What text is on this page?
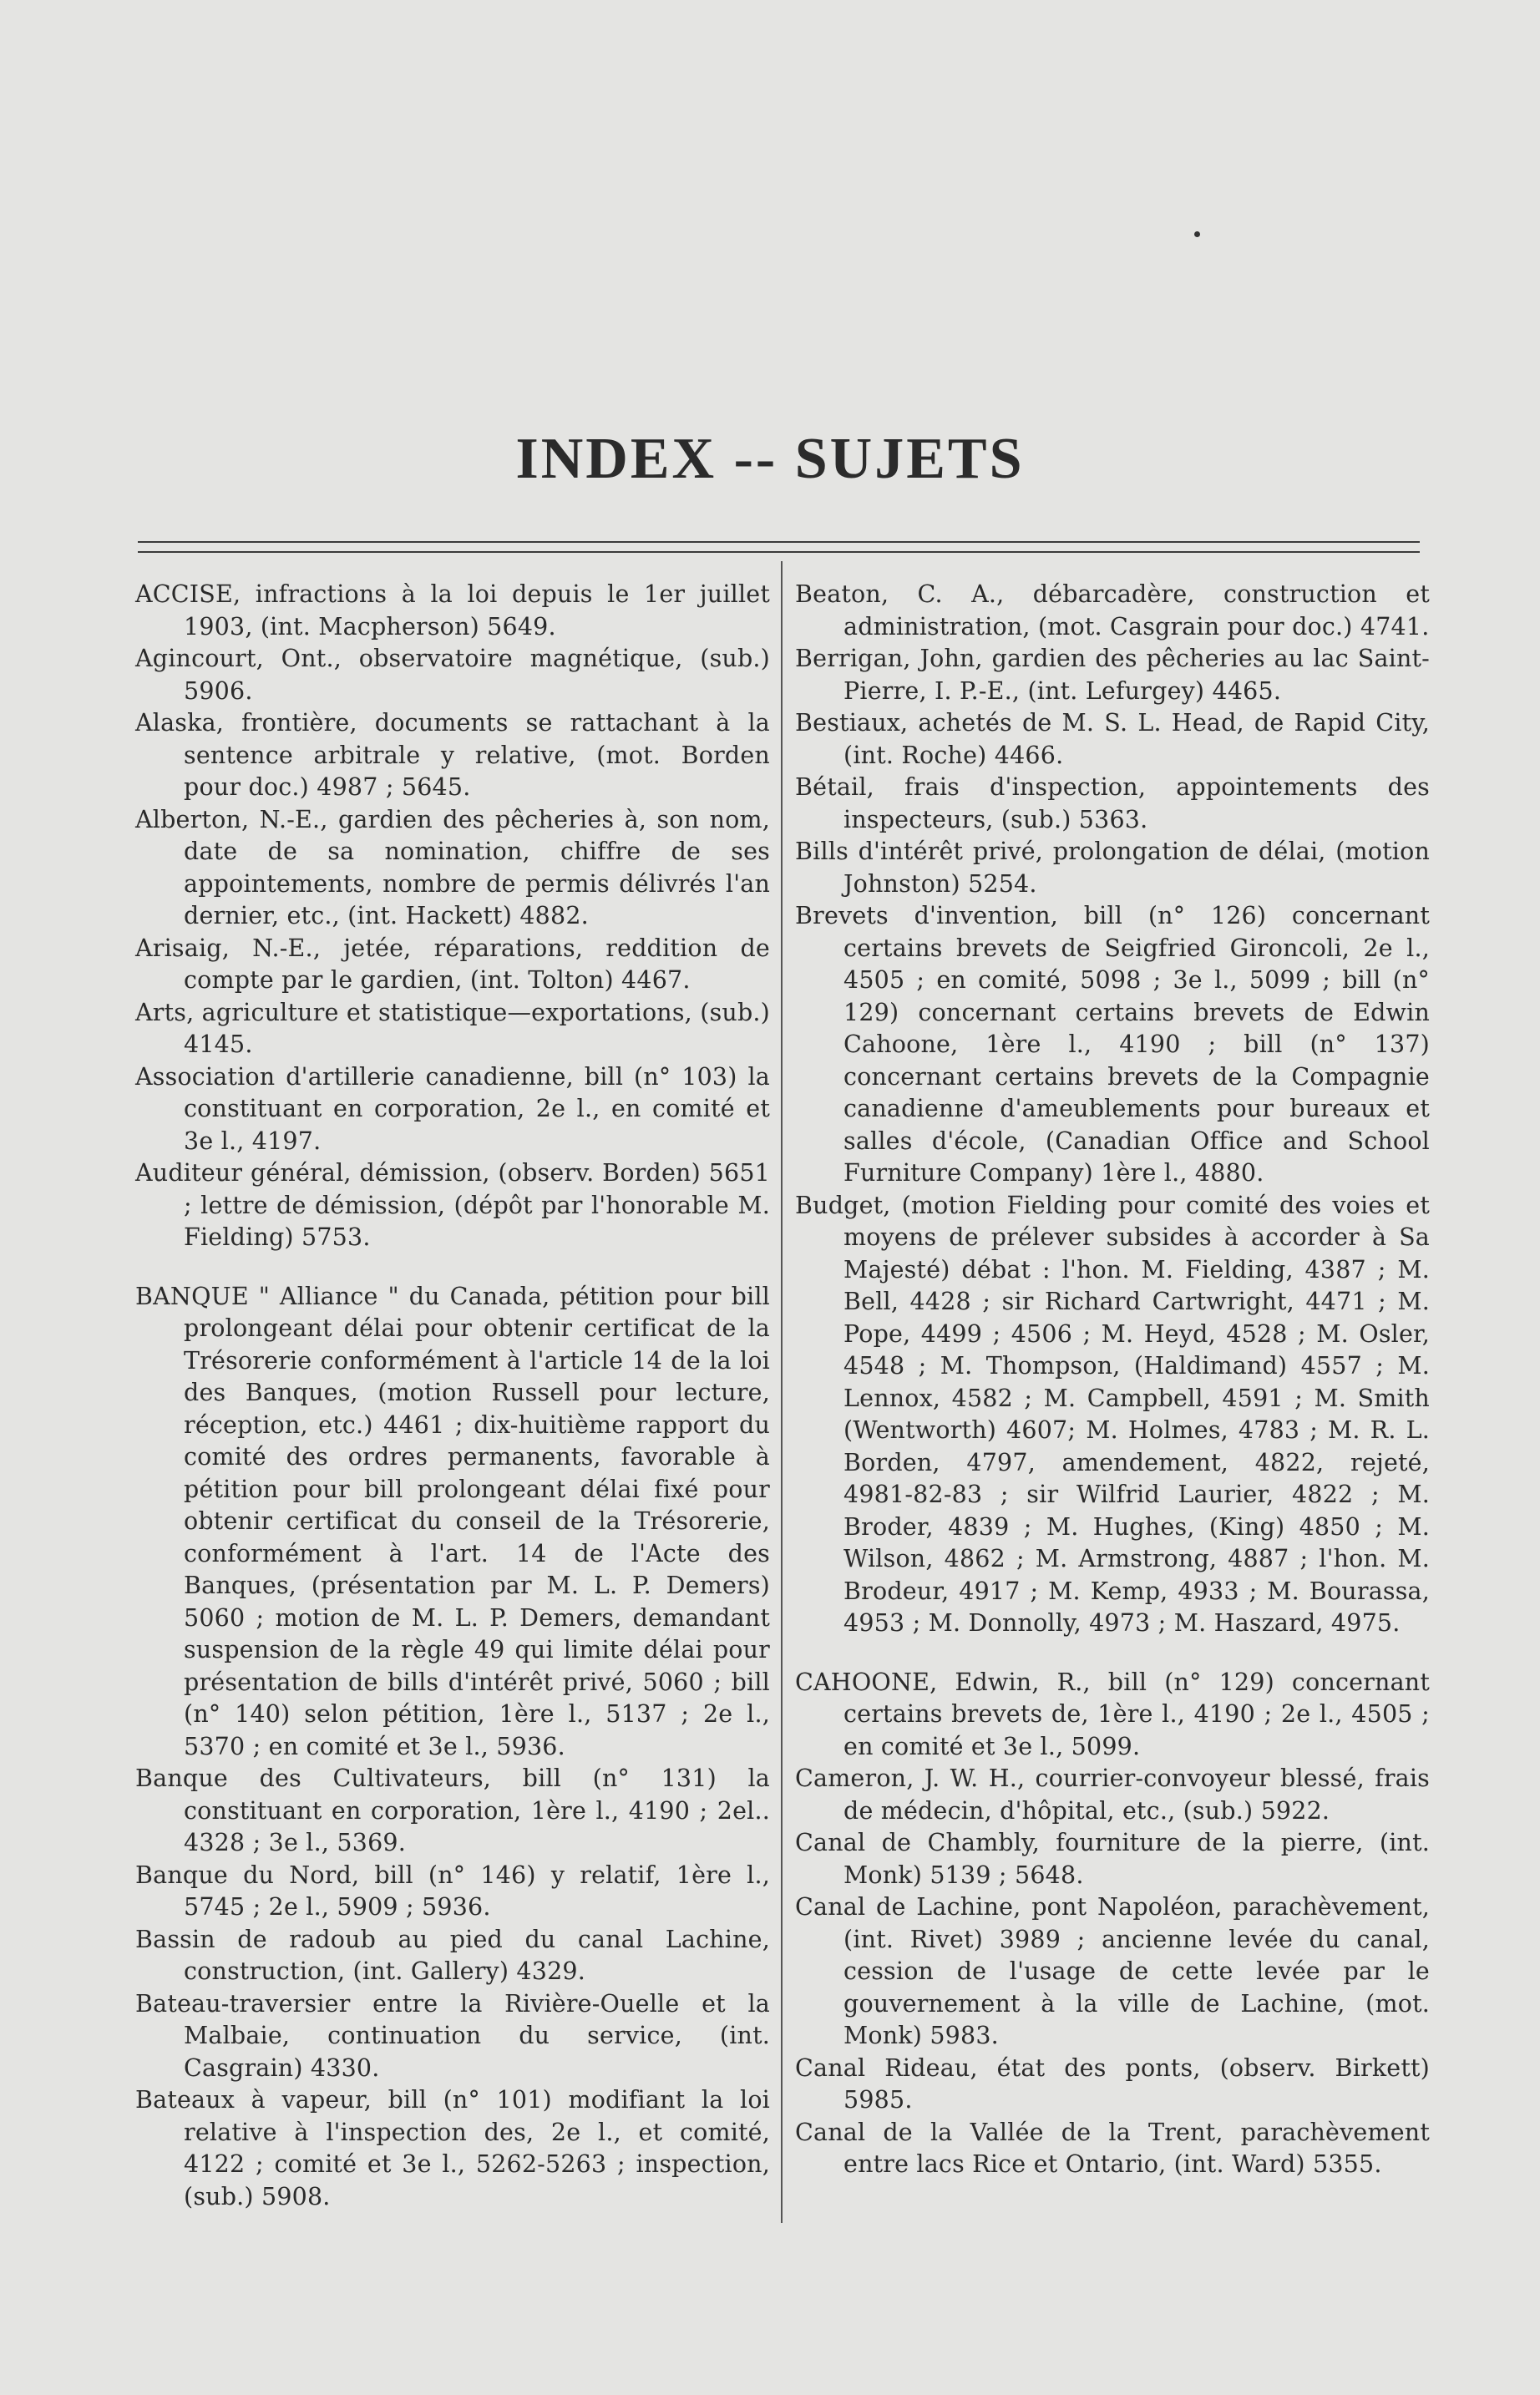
INDEX -- SUJETS

ACCISE, infractions à la loi depuis le 1er juillet 1903, (int. Macpherson) 5649.

Agincourt, Ont., observatoire magnétique, (sub.) 5906.

Alaska, frontière, documents se rattachant à la sentence arbitrale y relative, (mot. Borden pour doc.) 4987 ; 5645.

Alberton, N.-E., gardien des pêcheries à, son nom, date de sa nomination, chiffre de ses appointements, nombre de permis délivrés l'an dernier, etc., (int. Hackett) 4882.

Arisaig, N.-E., jetée, réparations, reddition de compte par le gardien, (int. Tolton) 4467.

Arts, agriculture et statistique—exportations, (sub.) 4145.

Association d'artillerie canadienne, bill (n° 103) la constituant en corporation, 2e l., en comité et 3e l., 4197.

Auditeur général, démission, (observ. Borden) 5651 ; lettre de démission, (dépôt par l'honorable M. Fielding) 5753.

BANQUE " Alliance " du Canada, pétition pour bill prolongeant délai pour obtenir certificat de la Trésorerie conformément à l'article 14 de la loi des Banques, (motion Russell pour lecture, réception, etc.) 4461 ; dix-huitième rapport du comité des ordres permanents, favorable à pétition pour bill prolongeant délai fixé pour obtenir certificat du conseil de la Trésorerie, conformément à l'art. 14 de l'Acte des Banques, (présentation par M. L. P. Demers) 5060 ; motion de M. L. P. Demers, demandant suspension de la règle 49 qui limite délai pour présentation de bills d'intérêt privé, 5060 ; bill (n° 140) selon pétition, 1ère l., 5137 ; 2e l., 5370 ; en comité et 3e l., 5936.

Banque des Cultivateurs, bill (n° 131) la constituant en corporation, 1ère l., 4190 ; 2el.. 4328 ; 3e l., 5369.

Banque du Nord, bill (n° 146) y relatif, 1ère l., 5745 ; 2e l., 5909 ; 5936.

Bassin de radoub au pied du canal Lachine, construction, (int. Gallery) 4329.

Bateau-traversier entre la Rivière-Ouelle et la Malbaie, continuation du service, (int. Casgrain) 4330.

Bateaux à vapeur, bill (n° 101) modifiant la loi relative à l'inspection des, 2e l., et comité, 4122 ; comité et 3e l., 5262-5263 ; inspection, (sub.) 5908.

Beaton, C. A., débarcadère, construction et administration, (mot. Casgrain pour doc.) 4741.

Berrigan, John, gardien des pêcheries au lac Saint-Pierre, I. P.-E., (int. Lefurgey) 4465.

Bestiaux, achetés de M. S. L. Head, de Rapid City, (int. Roche) 4466.

Bétail, frais d'inspection, appointements des inspecteurs, (sub.) 5363.

Bills d'intérêt privé, prolongation de délai, (motion Johnston) 5254.

Brevets d'invention, bill (n° 126) concernant certains brevets de Seigfried Gironcoli, 2e l., 4505 ; en comité, 5098 ; 3e l., 5099 ; bill (n° 129) concernant certains brevets de Edwin Cahoone, 1ère l., 4190 ; bill (n° 137) concernant certains brevets de la Compagnie canadienne d'ameublements pour bureaux et salles d'école, (Canadian Office and School Furniture Company) 1ère l., 4880.

Budget, (motion Fielding pour comité des voies et moyens de prélever subsides à accorder à Sa Majesté) débat : l'hon. M. Fielding, 4387 ; M. Bell, 4428 ; sir Richard Cartwright, 4471 ; M. Pope, 4499 ; 4506 ; M. Heyd, 4528 ; M. Osler, 4548 ; M. Thompson, (Haldimand) 4557 ; M. Lennox, 4582 ; M. Campbell, 4591 ; M. Smith (Wentworth) 4607; M. Holmes, 4783 ; M. R. L. Borden, 4797, amendement, 4822, rejeté, 4981-82-83 ; sir Wilfrid Laurier, 4822 ; M. Broder, 4839 ; M. Hughes, (King) 4850 ; M. Wilson, 4862 ; M. Armstrong, 4887 ; l'hon. M. Brodeur, 4917 ; M. Kemp, 4933 ; M. Bourassa, 4953 ; M. Donnolly, 4973 ; M. Haszard, 4975.

CAHOONE, Edwin, R., bill (n° 129) concernant certains brevets de, 1ère l., 4190 ; 2e l., 4505 ; en comité et 3e l., 5099.

Cameron, J. W. H., courrier-convoyeur blessé, frais de médecin, d'hôpital, etc., (sub.) 5922.

Canal de Chambly, fourniture de la pierre, (int. Monk) 5139 ; 5648.

Canal de Lachine, pont Napoléon, parachèvement, (int. Rivet) 3989 ; ancienne levée du canal, cession de l'usage de cette levée par le gouvernement à la ville de Lachine, (mot. Monk) 5983.

Canal Rideau, état des ponts, (observ. Birkett) 5985.

Canal de la Vallée de la Trent, parachèvement entre lacs Rice et Ontario, (int. Ward) 5355.
